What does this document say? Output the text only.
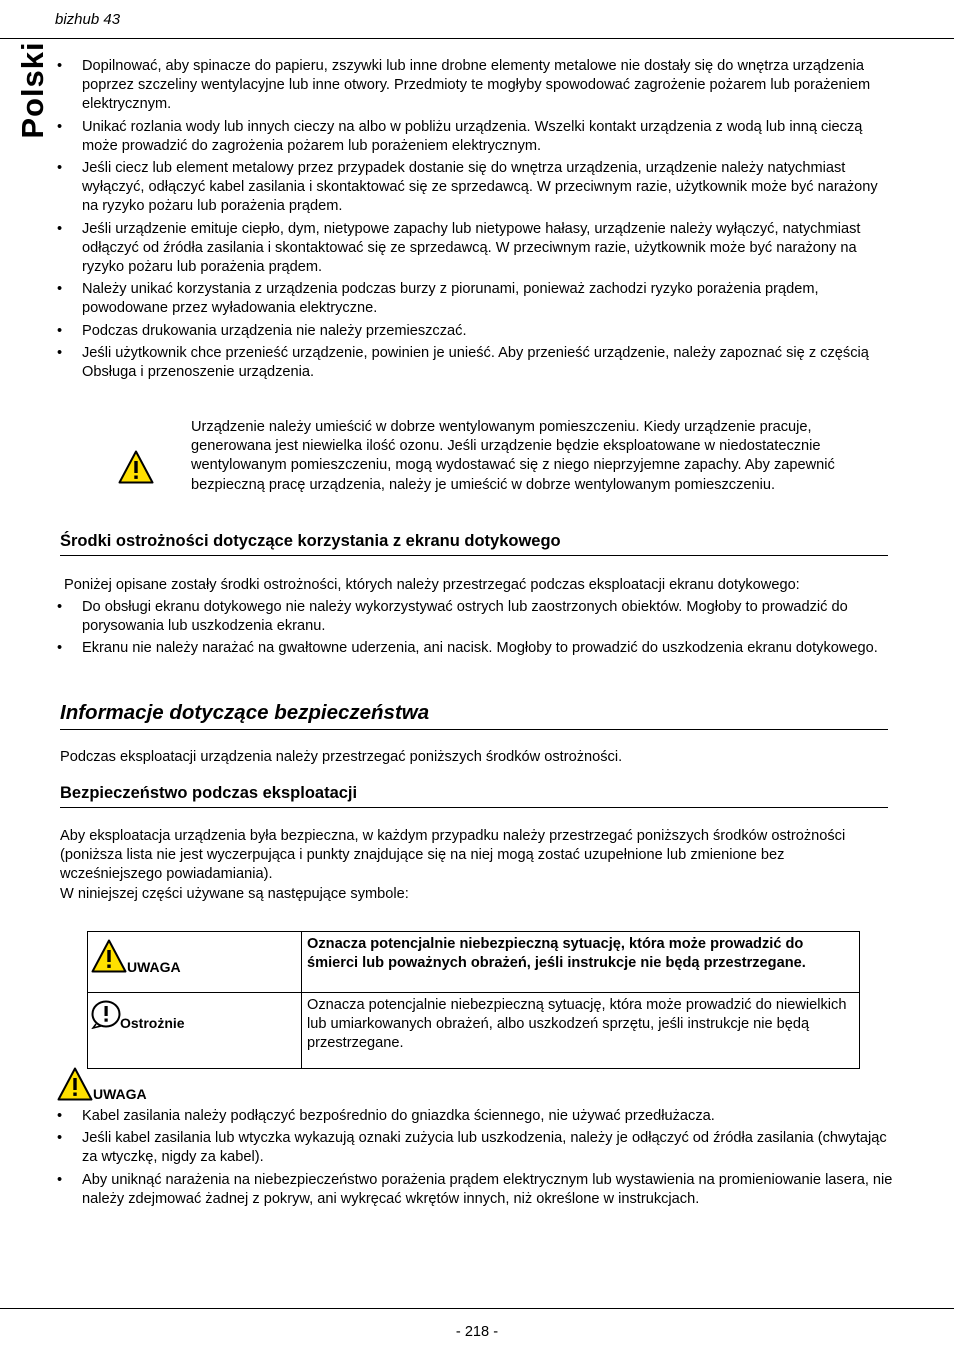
bizhub 43
Polski	• Dopilnować, aby spinacze do papieru, zszywki lub inne drobne elementy metalowe nie dostały się do wnętrza urządzenia poprzez szczeliny wentylacyjne lub inne otwory. Przedmioty te mogłyby spowodować zagrożenie pożarem lub porażeniem elektrycznym.
• Unikać rozlania wody lub innych cieczy na albo w pobliżu urządzenia. Wszelki kontakt urządzenia z wodą lub inną cieczą może prowadzić do zagrożenia pożarem lub porażeniem elektrycznym.
• Jeśli ciecz lub element metalowy przez przypadek dostanie się do wnętrza urządzenia, urządzenie należy natychmiast wyłączyć, odłączyć kabel zasilania i skontaktować się ze sprzedawcą. W przeciwnym razie, użytkownik może być narażony na ryzyko pożaru lub porażenia prądem.
• Jeśli urządzenie emituje ciepło, dym, nietypowe zapachy lub nietypowe hałasy, urządzenie należy wyłączyć, natychmiast odłączyć od źródła zasilania i skontaktować się ze sprzedawcą. W przeciwnym razie, użytkownik może być narażony na ryzyko pożaru lub porażenia prądem.
• Należy unikać korzystania z urządzenia podczas burzy z piorunami, ponieważ zachodzi ryzyko porażenia prądem, powodowane przez wyładowania elektryczne.
• Podczas drukowania urządzenia nie należy przemieszczać.
• Jeśli użytkownik chce przenieść urządzenie, powinien je unieść. Aby przenieść urządzenie, należy zapoznać się z częścią Obsługa i przenoszenie urządzenia.
Urządzenie należy umieścić w dobrze wentylowanym pomieszczeniu. Kiedy urządzenie pracuje, generowana jest niewielka ilość ozonu. Jeśli urządzenie będzie eksploatowane w niedostatecznie wentylowanym pomieszczeniu, mogą wydostawać się z niego nieprzyjemne zapachy. Aby zapewnić bezpieczną pracę urządzenia, należy je umieścić w dobrze wentylowanym pomieszczeniu.
Środki ostrożności dotyczące korzystania z ekranu dotykowego
Poniżej opisane zostały środki ostrożności, których należy przestrzegać podczas eksploatacji ekranu dotykowego:
• Do obsługi ekranu dotykowego nie należy wykorzystywać ostrych lub zaostrzonych obiektów. Mogłoby to prowadzić do porysowania lub uszkodzenia ekranu.
• Ekranu nie należy narażać na gwałtowne uderzenia, ani nacisk. Mogłoby to prowadzić do uszkodzenia ekranu dotykowego.
Informacje dotyczące bezpieczeństwa
Podczas eksploatacji urządzenia należy przestrzegać poniższych środków ostrożności.
Bezpieczeństwo podczas eksploatacji
Aby eksploatacja urządzenia była bezpieczna, w każdym przypadku należy przestrzegać poniższych środków ostrożności (poniższa lista nie jest wyczerpująca i punkty znajdujące się na niej mogą zostać uzupełnione lub zmienione bez wcześniejszego powiadamiania).
W niniejszej części używane są następujące symbole:
UWAGA	Oznacza potencjalnie niebezpieczną sytuację, która może prowadzić do śmierci lub poważnych obrażeń, jeśli instrukcje nie będą przestrzegane.

Ostrożnie	Oznacza potencjalnie niebezpieczną sytuację, która może prowadzić do niewielkich lub umiarkowanych obrażeń, albo uszkodzeń sprzętu, jeśli instrukcje nie będą przestrzegane.
UWAGA
• Kabel zasilania należy podłączyć bezpośrednio do gniazdka ściennego, nie używać przedłużacza.
• Jeśli kabel zasilania lub wtyczka wykazują oznaki zużycia lub uszkodzenia, należy je odłączyć od źródła zasilania (chwytając za wtyczkę, nigdy za kabel).
• Aby uniknąć narażenia na niebezpieczeństwo porażenia prądem elektrycznym lub wystawienia na promieniowanie lasera, nie należy zdejmować żadnej z pokryw, ani wykręcać wkrętów innych, niż określone w instrukcjach.
- 218 -
